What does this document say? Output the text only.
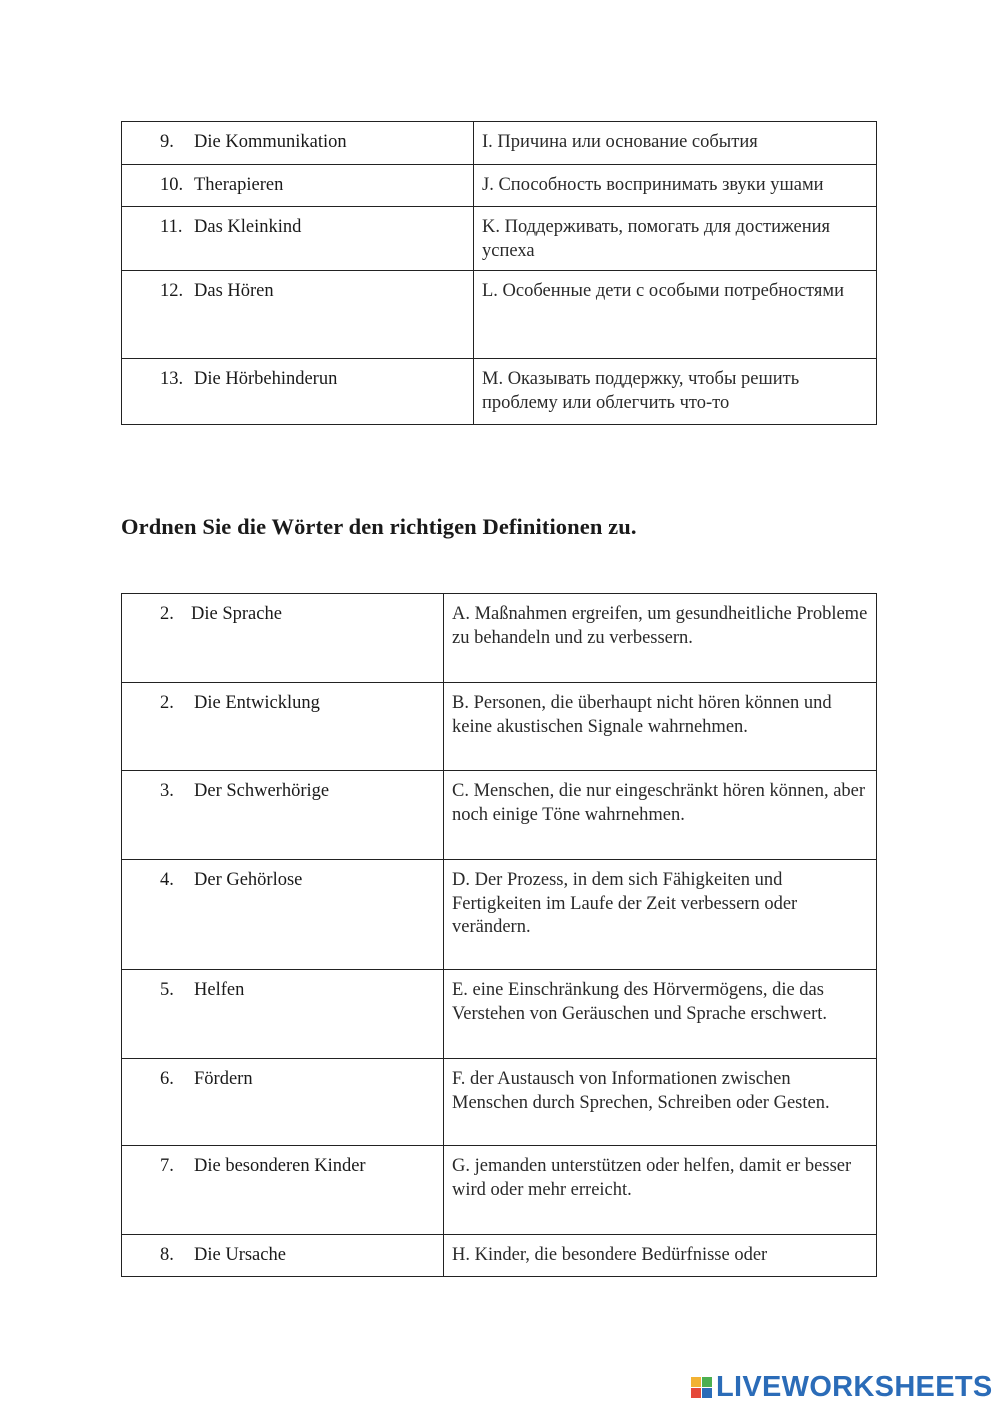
9. Die Kommunikation	I. Причина или основание события
10. Therapieren	J. Способность воспринимать звуки ушами
11. Das Kleinkind	K. Поддерживать, помогать для достижения успеха
12. Das Hören	L. Особенные дети с особыми потребностями
13. Die Hörbehinderun	M. Оказывать поддержку, чтобы решить проблему или облегчить что-то
Ordnen Sie die Wörter den richtigen Definitionen zu.
2. Die Sprache	A. Maßnahmen ergreifen, um gesundheitliche Probleme zu behandeln und zu verbessern.
2. Die Entwicklung	B. Personen, die überhaupt nicht hören können und keine akustischen Signale wahrnehmen.
3. Der Schwerhörige	C. Menschen, die nur eingeschränkt hören können, aber noch einige Töne wahrnehmen.
4. Der Gehörlose	D. Der Prozess, in dem sich Fähigkeiten und Fertigkeiten im Laufe der Zeit verbessern oder verändern.
5. Helfen	E. eine Einschränkung des Hörvermögens, die das Verstehen von Geräuschen und Sprache erschwert.
6. Fördern	F. der Austausch von Informationen zwischen Menschen durch Sprechen, Schreiben oder Gesten.
7. Die besonderen Kinder	G. jemanden unterstützen oder helfen, damit er besser wird oder mehr erreicht.
8. Die Ursache	H. Kinder, die besondere Bedürfnisse oder
LIVEWORKSHEETS
